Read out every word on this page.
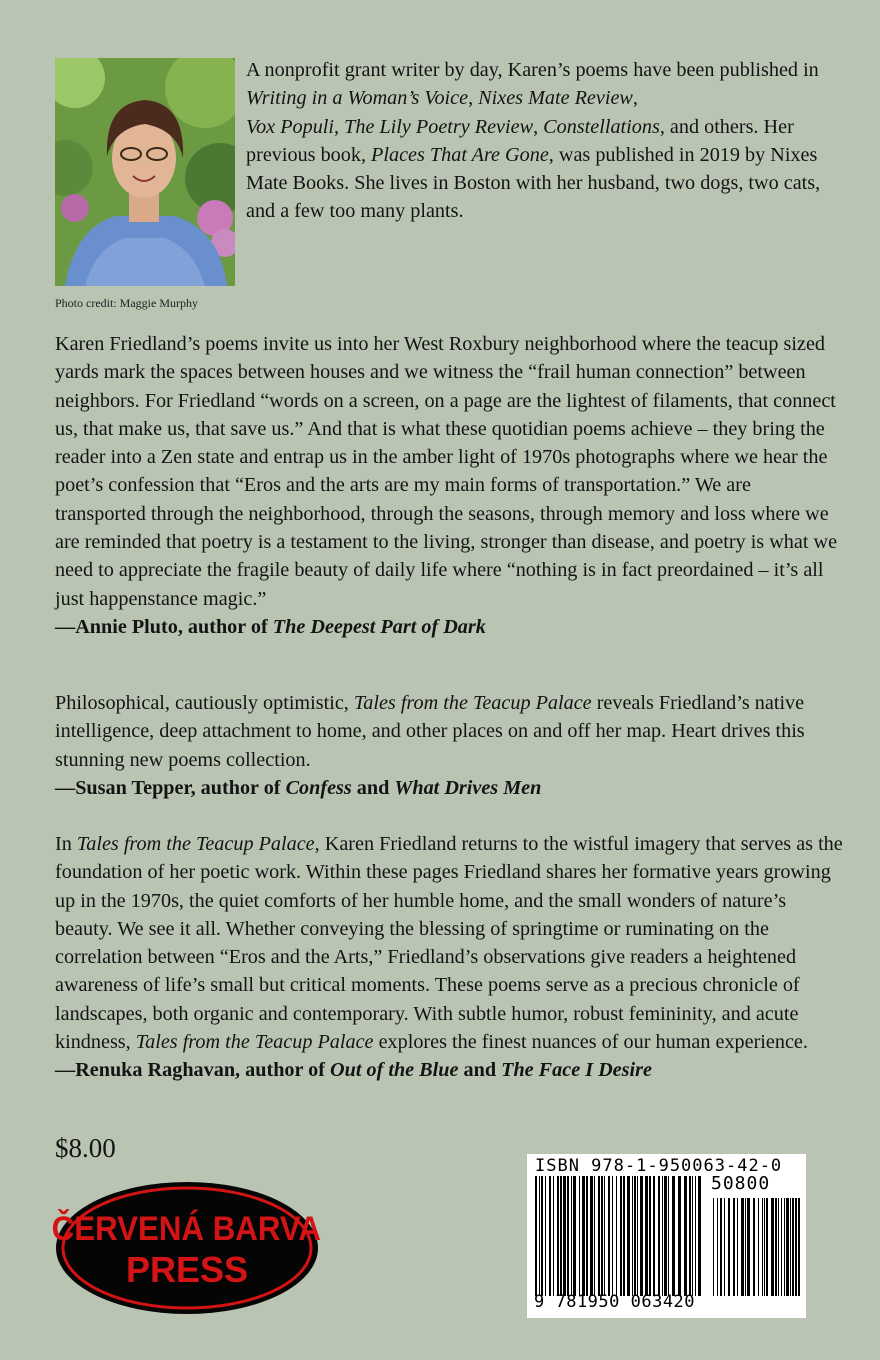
Photo credit: Maggie Murphy
A nonprofit grant writer by day, Karen’s poems have been published in Writing in a Woman’s Voice, Nixes Mate Review,
Vox Populi, The Lily Poetry Review, Constellations, and others. Her previous book, Places That Are Gone, was published in 2019 by Nixes Mate Books. She lives in Boston with her husband, two dogs, two cats, and a few too many plants.
Karen Friedland’s poems invite us into her West Roxbury neighborhood where the teacup sized yards mark the spaces between houses and we witness the “frail human connection” between neighbors. For Friedland “words on a screen, on a page are the lightest of filaments, that connect us, that make us, that save us.” And that is what these quotidian poems achieve – they bring the reader into a Zen state and entrap us in the amber light of 1970s photographs where we hear the poet’s confession that “Eros and the arts are my main forms of transportation.” We are transported through the neighborhood, through the seasons, through memory and loss where we are reminded that poetry is a testament to the living, stronger than disease, and poetry is what we need to appreciate the fragile beauty of daily life where “nothing is in fact preordained – it’s all just happenstance magic.”
—Annie Pluto, author of The Deepest Part of Dark
Philosophical, cautiously optimistic, Tales from the Teacup Palace reveals Friedland’s native intelligence, deep attachment to home, and other places on and off her map. Heart drives this stunning new poems collection.
—Susan Tepper, author of Confess and What Drives Men
In Tales from the Teacup Palace, Karen Friedland returns to the wistful imagery that serves as the foundation of her poetic work. Within these pages Friedland shares her formative years growing up in the 1970s, the quiet comforts of her humble home, and the small wonders of nature’s beauty. We see it all. Whether conveying the blessing of springtime or ruminating on the correlation between “Eros and the Arts,” Friedland’s observations give readers a heightened awareness of life’s small but critical moments. These poems serve as a precious chronicle of landscapes, both organic and contemporary. With subtle humor, robust femininity, and acute kindness, Tales from the Teacup Palace explores the finest nuances of our human experience.
—Renuka Raghavan, author of Out of the Blue and The Face I Desire
$8.00
ČERVENÁ BARVA
PRESS
ISBN 978-1-950063-42-0
50800
9 781950 063420
